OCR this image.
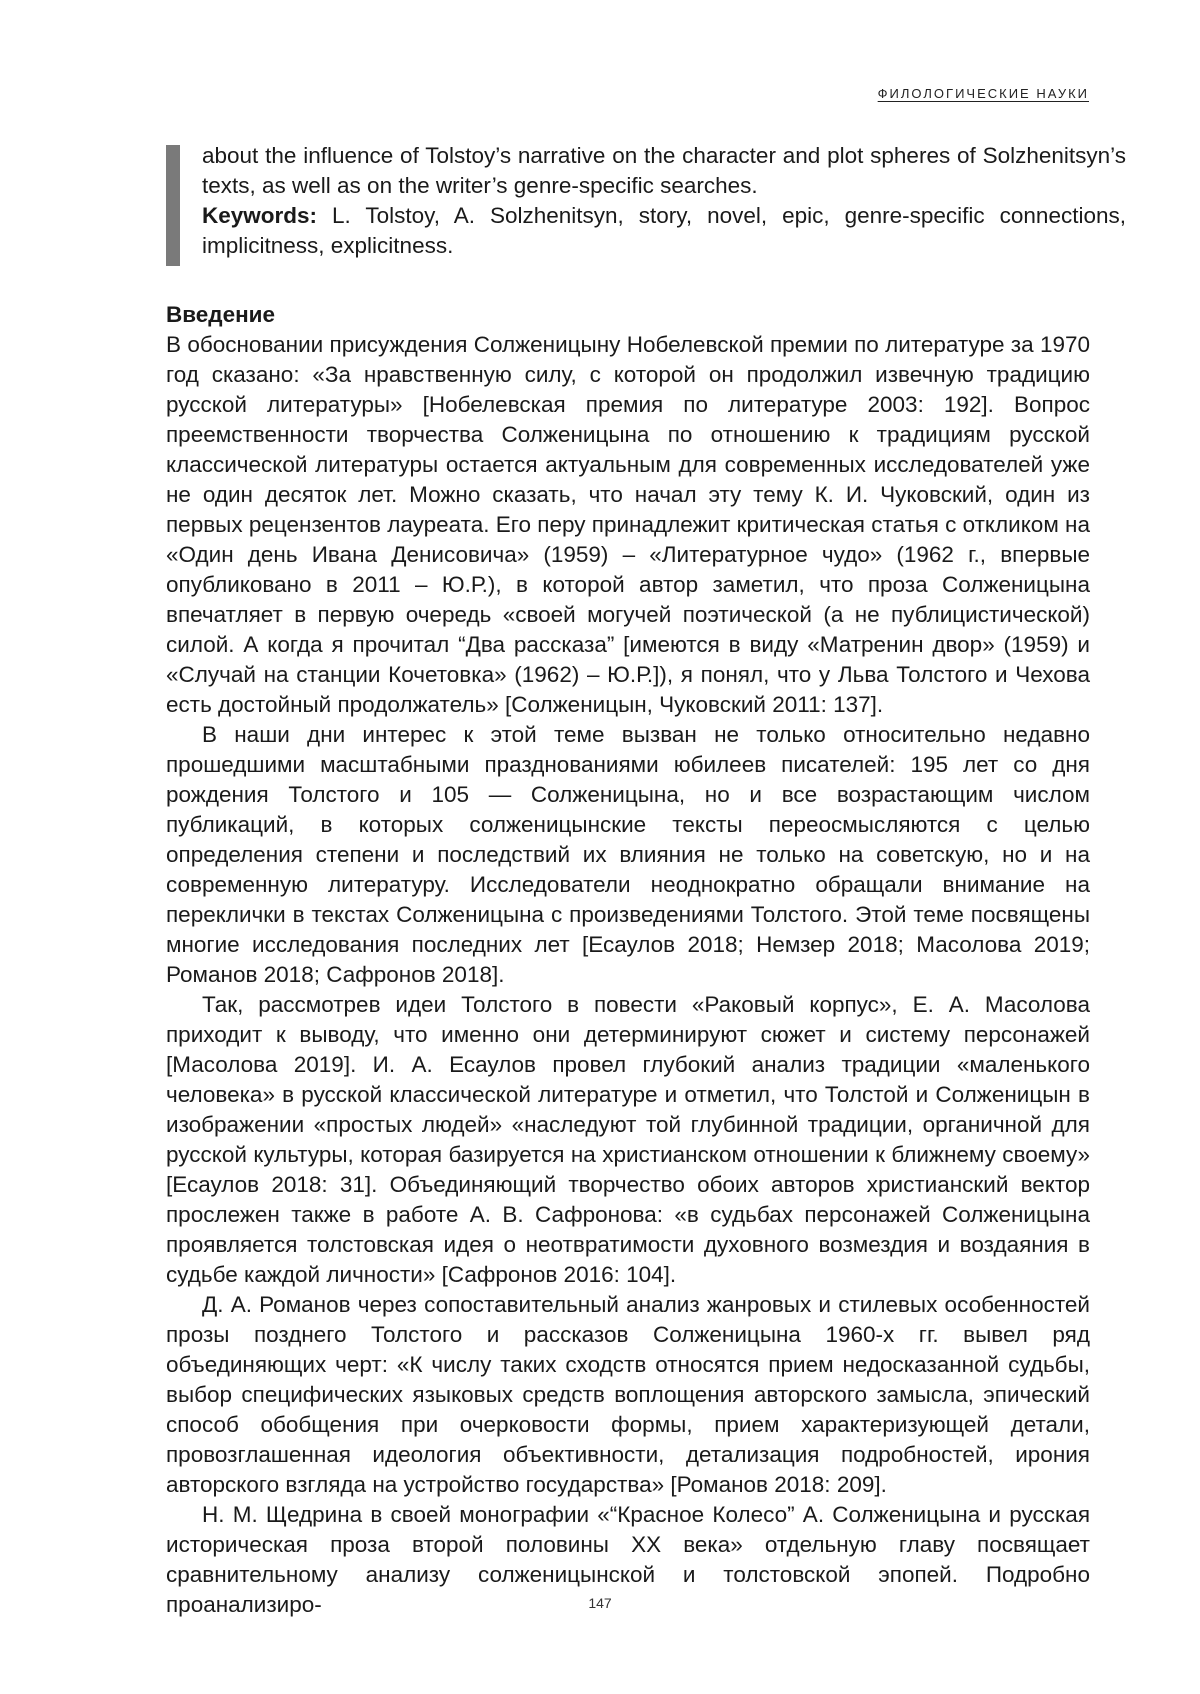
ФИЛОЛОГИЧЕСКИЕ НАУКИ

about the influence of Tolstoy’s narrative on the character and plot spheres of Solzhenitsyn’s texts, as well as on the writer’s genre-specific searches.

Keywords: L. Tolstoy, A. Solzhenitsyn, story, novel, epic, genre-specific connections, implicitness, explicitness.

Введение

В обосновании присуждения Солженицыну Нобелевской премии по литературе за 1970 год сказано: «За нравственную силу, с которой он продолжил извечную традицию русской литературы» [Нобелевская премия по литературе 2003: 192]. Вопрос преемственности творчества Солженицына по отношению к традициям русской классической литературы остается актуальным для современных исследователей уже не один десяток лет. Можно сказать, что начал эту тему К. И. Чуковский, один из первых рецензентов лауреата. Его перу принадлежит критическая статья с откликом на «Один день Ивана Денисовича» (1959) – «Литературное чудо» (1962 г., впервые опубликовано в 2011 – Ю.Р.), в которой автор заметил, что проза Солженицына впечатляет в первую очередь «своей могучей поэтической (а не публицистической) силой. А когда я прочитал “Два рассказа” [имеются в виду «Матренин двор» (1959) и «Случай на станции Кочетовка» (1962) – Ю.Р.]), я понял, что у Льва Толстого и Чехова есть достойный продолжатель» [Солженицын, Чуковский 2011: 137].

В наши дни интерес к этой теме вызван не только относительно недавно прошедшими масштабными празднованиями юбилеев писателей: 195 лет со дня рождения Толстого и 105 — Солженицына, но и все возрастающим числом публикаций, в которых солженицынские тексты переосмысляются с целью определения степени и последствий их влияния не только на советскую, но и на современную литературу. Исследователи неоднократно обращали внимание на переклички в текстах Солженицына с произведениями Толстого. Этой теме посвящены многие исследования последних лет [Есаулов 2018; Немзер 2018; Масолова 2019; Романов 2018; Сафронов 2018].

Так, рассмотрев идеи Толстого в повести «Раковый корпус», Е. А. Масолова приходит к выводу, что именно они детерминируют сюжет и систему персонажей [Масолова 2019]. И. А. Есаулов провел глубокий анализ традиции «маленького человека» в русской классической литературе и отметил, что Толстой и Солженицын в изображении «простых людей» «наследуют той глубинной традиции, органичной для русской культуры, которая базируется на христианском отношении к ближнему своему» [Есаулов 2018: 31]. Объединяющий творчество обоих авторов христианский вектор прослежен также в работе А. В. Сафронова: «в судьбах персонажей Солженицына проявляется толстовская идея о неотвратимости духовного возмездия и воздаяния в судьбе каждой личности» [Сафронов 2016: 104].

Д. А. Романов через сопоставительный анализ жанровых и стилевых особенностей прозы позднего Толстого и рассказов Солженицына 1960-х гг. вывел ряд объединяющих черт: «К числу таких сходств относятся прием недосказанной судьбы, выбор специфических языковых средств воплощения авторского замысла, эпический способ обобщения при очерковости формы, прием характеризующей детали, провозглашенная идеология объективности, детализация подробностей, ирония авторского взгляда на устройство государства» [Романов 2018: 209].

Н. М. Щедрина в своей монографии «“Красное Колесо” А. Солженицына и русская историческая проза второй половины XX века» отдельную главу посвящает сравнительному анализу солженицынской и толстовской эпопей. Подробно проанализиро-	147
